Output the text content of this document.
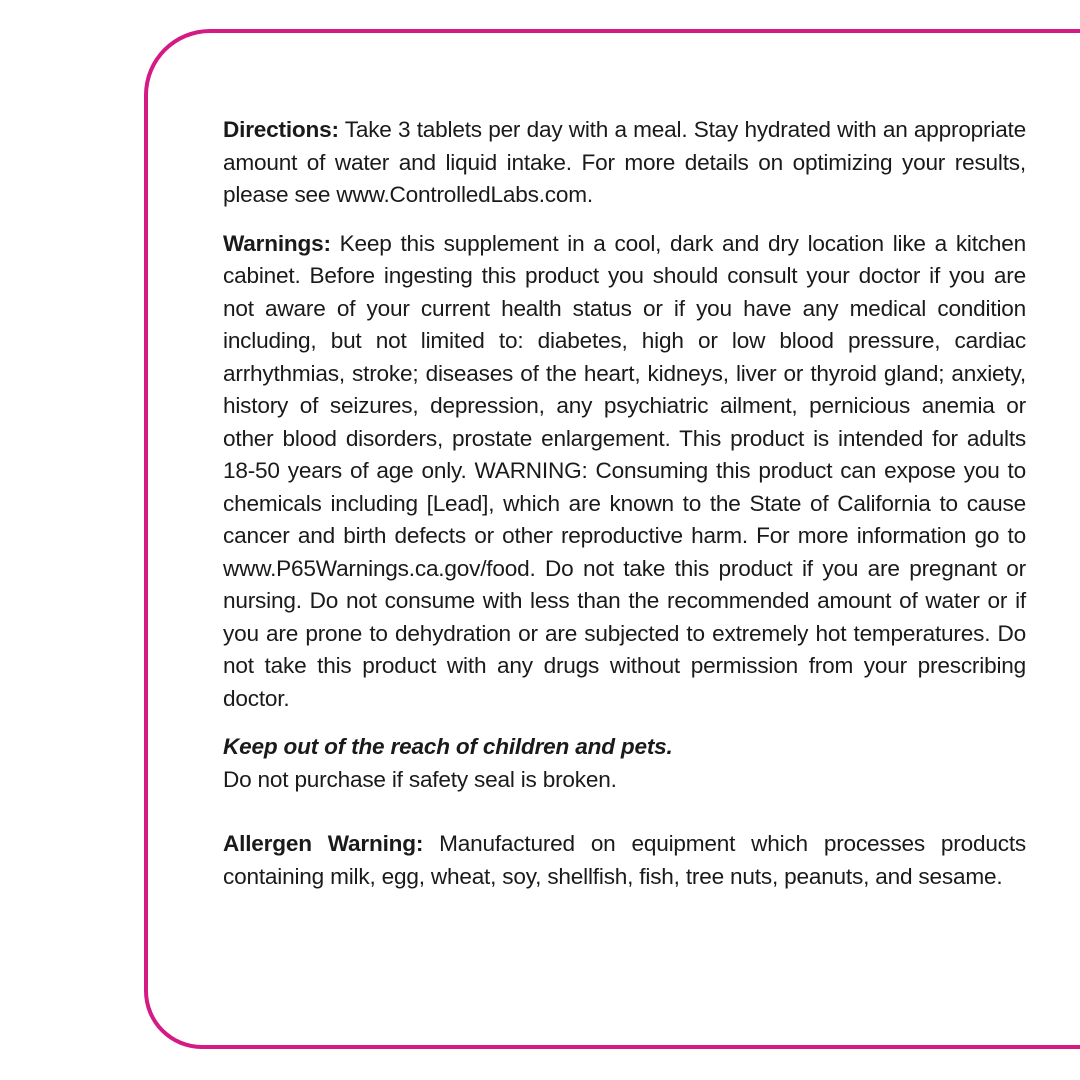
Directions: Take 3 tablets per day with a meal. Stay hydrated with an appropriate amount of water and liquid intake. For more details on optimizing your results, please see www.ControlledLabs.com.

Warnings: Keep this supplement in a cool, dark and dry location like a kitchen cabinet. Before ingesting this product you should consult your doctor if you are not aware of your current health status or if you have any medical condition including, but not limited to: diabetes, high or low blood pressure, cardiac arrhythmias, stroke; diseases of the heart, kidneys, liver or thyroid gland; anxiety, history of seizures, depression, any psychiatric ailment, pernicious anemia or other blood disorders, prostate enlargement. This product is intended for adults 18-50 years of age only. WARNING: Consuming this product can expose you to chemicals including [Lead], which are known to the State of California to cause cancer and birth defects or other reproductive harm. For more information go to www.P65Warnings.ca.gov/food. Do not take this product if you are pregnant or nursing. Do not consume with less than the recommended amount of water or if you are prone to dehydration or are subjected to extremely hot temperatures. Do not take this product with any drugs without permission from your prescribing doctor.

Keep out of the reach of children and pets.
Do not purchase if safety seal is broken.

Allergen Warning: Manufactured on equipment which processes products containing milk, egg, wheat, soy, shellfish, fish, tree nuts, peanuts, and sesame.
